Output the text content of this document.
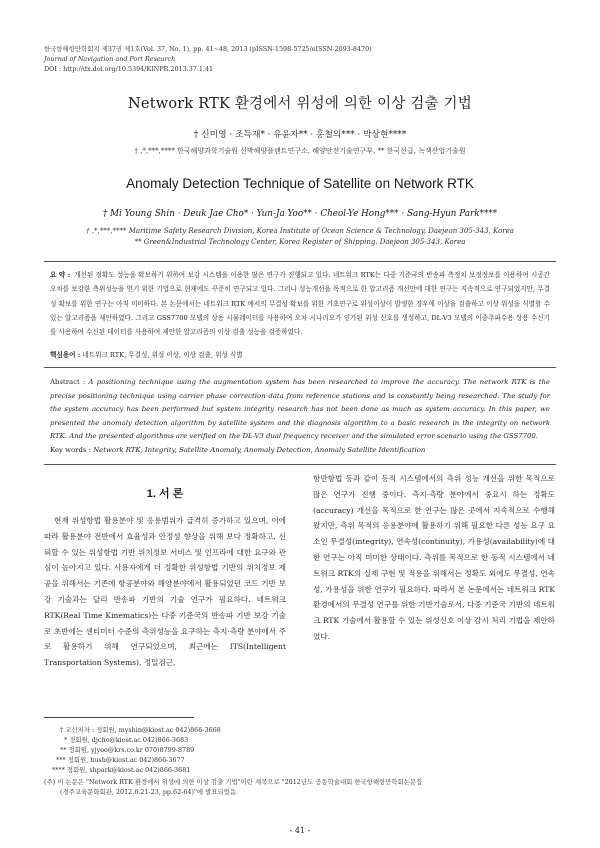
한국항해항만학회지 제37권 제1호(Vol. 37, No. 1), pp. 41∼48, 2013 (pISSN-1598-5725/eISSN-2093-8470)
Journal of Navigation and Port Research
DOI : http://dx.doi.org/10.5394/KINPR.2013.37.1.41
Network RTK 환경에서 위성에 의한 이상 검출 기법
† 신미영 · 조득재* · 유윤자** · 홍철의*** · 박상현****
† ,*,***,**** 한국해양과학기술원 선박해양플랜트연구소, 해양안전기술연구부, ** 한국선급, 녹색산업기술원
Anomaly Detection Technique of Satellite on Network RTK
† Mi Young Shin · Deuk Jae Cho* · Yun-Ja Yoo** · Cheol-Ye Hong*** · Sang-Hyun Park****
† ,*,***,**** Maritime Safety Research Division, Korea Institute of Ocean Science & Technology, Daejeon 305-343, Korea
** Green&Industrial Technology Center, Korea Register of Shipping, Daejeon 305-343, Korea
요 약 : 개선된 정확도 성능을 확보하기 위하여 보강 시스템을 이용한 많은 연구가 진행되고 있다. 네트워크 RTK는 다중 기준국의 반송파 측정치 보정정보를 이용하여 시공간 오차를 보강한 측위성능을 얻기 위한 기법으로 현재에도 꾸준히 연구되고 있다. 그러나 성능개선을 목적으로 한 알고리즘 개선만에 대한 연구는 지속적으로 연구되었지만, 무결성 확보를 위한 연구는 아직 미미하다. 본 논문에서는 네트워크 RTK 에서의 무결성 확보를 위한 기초연구로 위성이상이 발생한 경우에 이상을 검출하고 이상 위성을 식별할 수 있는 알고리즘을 제안하였다. 그리고 GSS7700 모델의 상용 시뮬레이터를 사용하여 오차 시나리오가 인가된 위성 신호를 생성하고, DL-V3 모델의 이중주파수용 상용 수신기를 사용하여 수신된 데이터를 사용하여 제안한 알고리즘의 이상 검출 성능을 검증하였다.
핵심용어 : 네트워크 RTK, 무결성, 위성 이상, 이상 검출, 위성 식별
Abstract : A positioning technique using the augmentation system has been researched to improve the accuracy. The network RTK is the precise positioning technique using carrier phase correction data from reference stations and is constantly being researched. The study for the system accuracy has been performed but system integrity research has not been done as much as system accuracy. In this paper, we presented the anomaly detection algorithm by satellite system and the diagnosis algorithm to a basic research in the integrity on network RTK. And the presented algorithms are verified on the DL-V3 dual frequency receiver and the simulated error scenario using the GSS7700.
Key words : Network RTK, Integrity, Satellite Anomaly, Anomaly Detection, Anomaly Satellite Identification
1. 서 론
현재 위성항법 활용분야 및 응용범위가 급격히 증가하고 있으며, 이에 따라 활용분야 전반에서 효율성과 안정성 향상을 위해 보다 정확하고, 신뢰할 수 있는 위성항법 기반 위치정보 서비스 및 인프라에 대한 요구와 관심이 높아지고 있다. 사용자에게 더 정확한 위성항법 기반의 위치정보 제공을 위해서는 기존에 항공분야와 해양분야에서 활용되었던 코드 기반 보강 기술과는 달리 반송파 기반의 기술 연구가 필요하다. 네트워크 RTK(Real Time Kinematics)는 다중 기준국의 반송파 기반 보강 기술로 초반에는 센티미터 수준의 측위성능을 요구하는 측지·측량 분야에서 주로 활용하기 위해 연구되었으며, 최근에는 ITS(Intelligent Transportation Systems), 정밀검근,
항만항법 등과 같이 동적 시스템에서의 측위 성능 개선을 위한 목적으로 많은 연구가 진행 중이다. 측지·측량 분야에서 중요시 하는 정확도(accuracy) 개선을 목적으로 한 연구는 많은 곳에서 지속적으로 수행해 왔지만, 측위 목적의 응용분야에 활용하기 위해 필요한 다른 성능 요구 요소인 무결성(integrity), 연속성(continuity), 가용성(availability)에 대한 연구는 아직 미미한 상태이다. 측위를 목적으로 한 동적 시스템에서 네트워크 RTK의 실제 구현 및 적용을 위해서는 정확도 외에도 무결성, 연속성, 가용성을 위한 연구가 필요하다. 따라서 본 논문에서는 네트워크 RTK 환경에서의 무결성 연구를 위한 기반기술로서, 다중 기준국 기반의 네트워크 RTK 기술에서 활용할 수 있는 위성신호 이상 감시 처리 기법을 제안하였다.
† 교신저자 : 정회원, myshin@kiost.ac 042)866-3668
* 정회원, djcho@kiost.ac 042)866-3683
** 정회원, yjyoo@krs.co.kr 070)8799-8789
*** 정회원, hush@kiost.ac 042)866-3677
**** 정회원, shpark@kiost.ac 042)866-3681
(주) 이 논문은 "Network RTK 환경에서 위성에 의한 이상 검출 기법"이란 제목으로 "2012년도 공동학술대회 한국항해항만학회논문집
(경주교육문화회관, 2012.6.21-23, pp.62-64)"에 발표되었음.
- 41 -
